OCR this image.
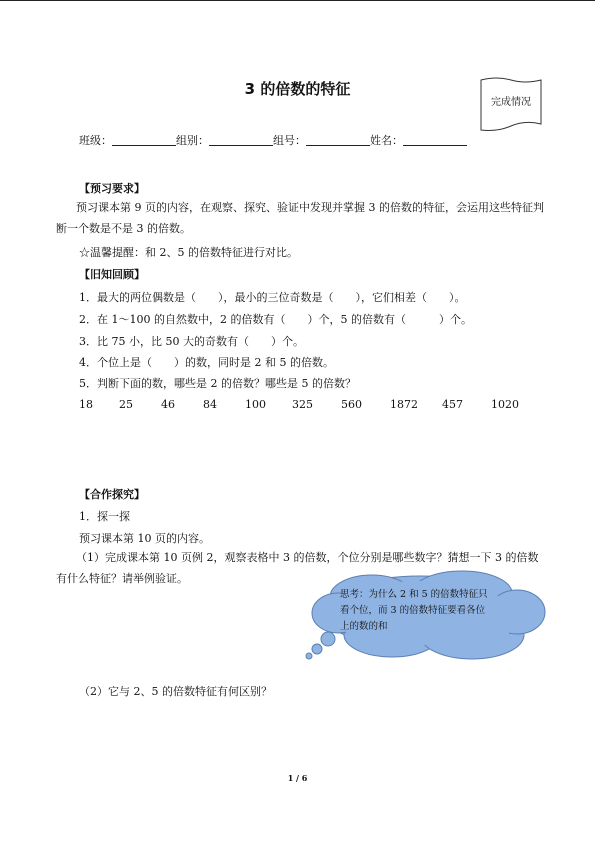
3 的倍数的特征
完成情况
班级：	组别：	组号：	姓名：
【预习要求】
预习课本第 9 页的内容，在观察、探究、验证中发现并掌握 3 的倍数的特征，会运用这些特征判断一个数是不是 3 的倍数。
☆温馨提醒：和 2、5 的倍数特征进行对比。
【旧知回顾】
1．最大的两位偶数是（　　），最小的三位奇数是（　　），它们相差（　　）。
2．在 1～100 的自然数中，2 的倍数有（　　）个，5 的倍数有（　　　）个。
3．比 75 小，比 50 大的奇数有（　　）个。
4．个位上是（　　）的数，同时是 2 和 5 的倍数。
5．判断下面的数，哪些是 2 的倍数？哪些是 5 的倍数？
18 25	46	84	100 325	560	1872 457	1020
【合作探究】
1．探一探
预习课本第 10 页的内容。
（1）完成课本第 10 页例 2，观察表格中 3 的倍数，个位分别是哪些数字？猜想一下 3 的倍数有什么特征？请举例验证。
思考：为什么 2 和 5 的倍数特征只看个位，而 3 的倍数特征要看各位上的数的和
（2）它与 2、5 的倍数特征有何区别？
1 / 6
